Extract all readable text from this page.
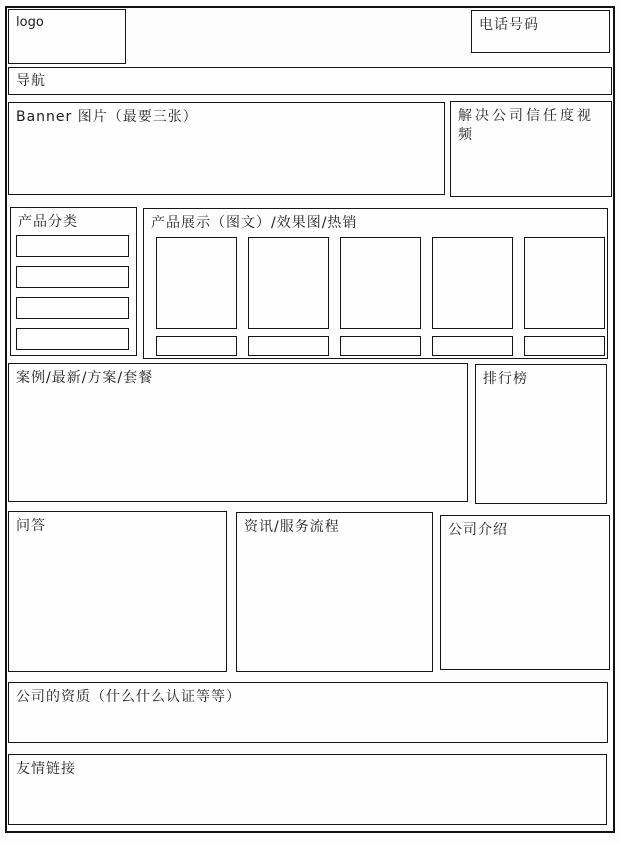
logo	电话号码
导航
Banner 图片（最要三张）	解决公司信任度视频
产品分类	产品展示（图文）/效果图/热销
案例/最新/方案/套餐	排行榜
问答	资讯/服务流程	公司介绍
公司的资质（什么什么认证等等）
友情链接
